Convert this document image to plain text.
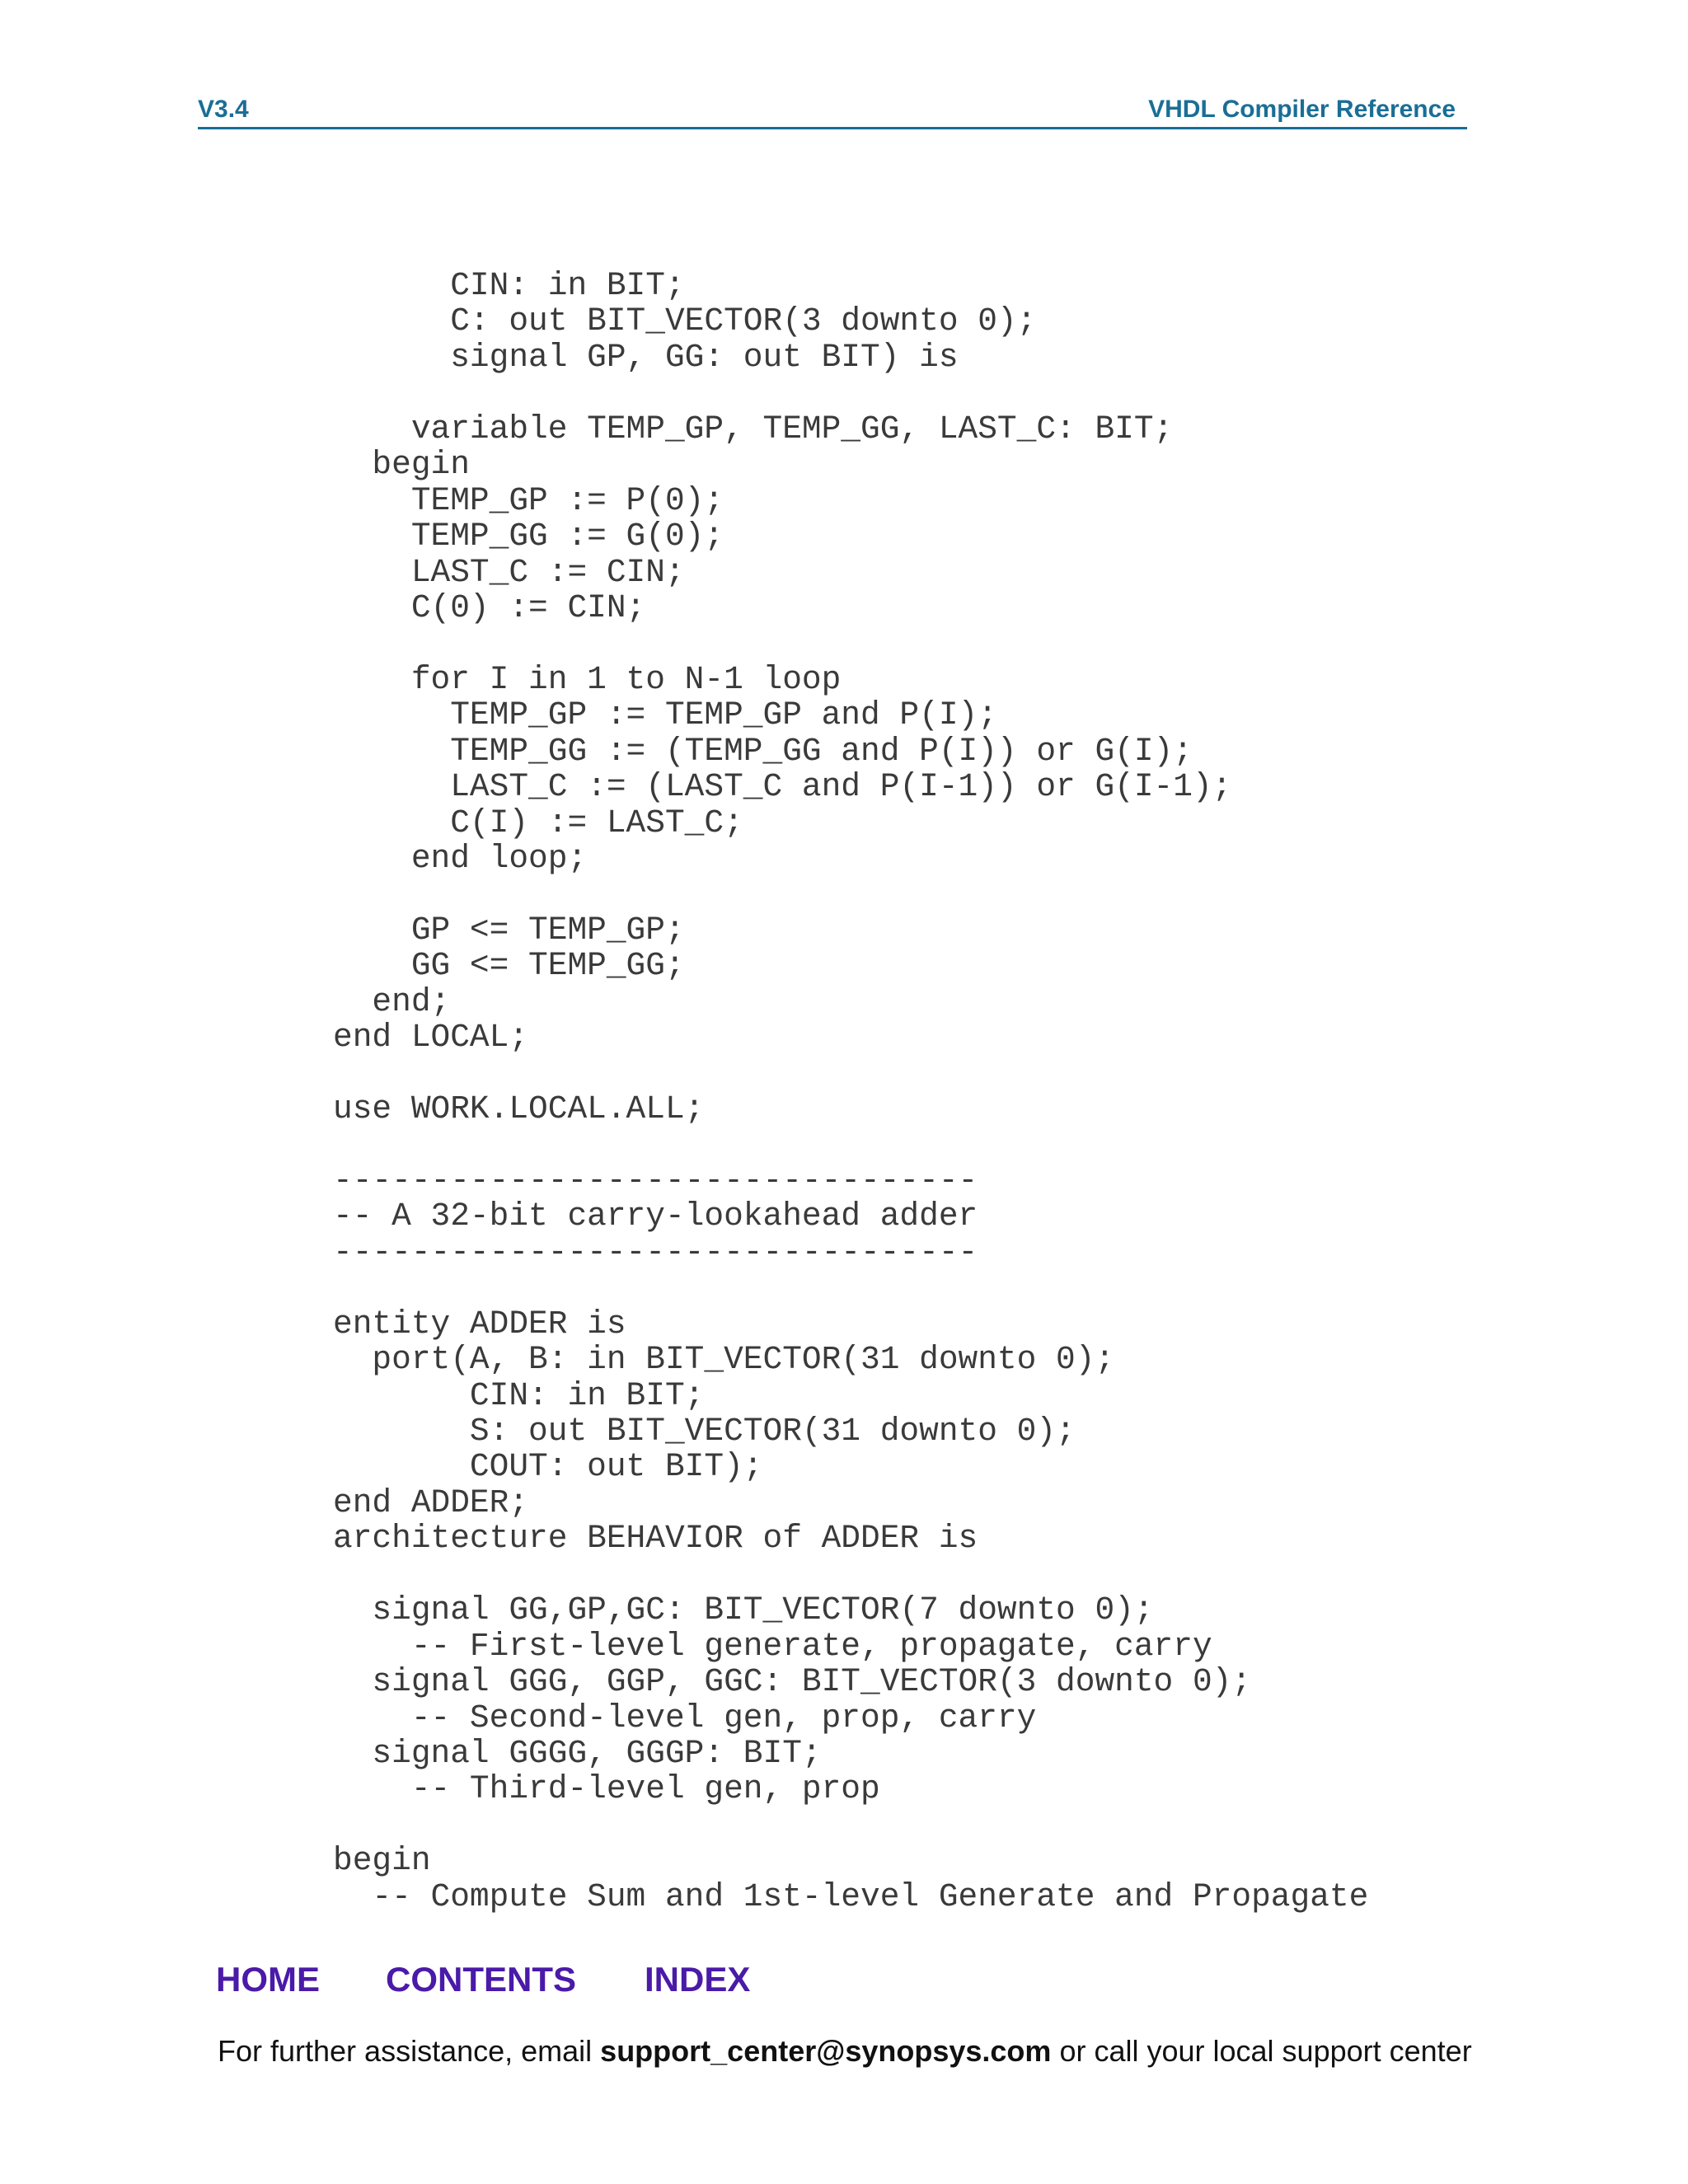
V3.4	VHDL Compiler Reference
CIN: in BIT;
C: out BIT_VECTOR(3 downto 0);
signal GP, GG: out BIT) is
variable TEMP_GP, TEMP_GG, LAST_C: BIT;
begin
TEMP_GP := P(0);
TEMP_GG := G(0);
LAST_C := CIN;
C(0) := CIN;
for I in 1 to N-1 loop
TEMP_GP := TEMP_GP and P(I);
TEMP_GG := (TEMP_GG and P(I)) or G(I);
LAST_C := (LAST_C and P(I-1)) or G(I-1);
C(I) := LAST_C;
end loop;
GP <= TEMP_GP;
GG <= TEMP_GG;
end;
end LOCAL;
use WORK.LOCAL.ALL;
---------------------------------
-- A 32-bit carry-lookahead adder
---------------------------------
entity ADDER is
port(A, B: in BIT_VECTOR(31 downto 0);
CIN: in BIT;
S: out BIT_VECTOR(31 downto 0);
COUT: out BIT);
end ADDER;
architecture BEHAVIOR of ADDER is
signal GG,GP,GC: BIT_VECTOR(7 downto 0);
-- First-level generate, propagate, carry
signal GGG, GGP, GGC: BIT_VECTOR(3 downto 0);
-- Second-level gen, prop, carry
signal GGGG, GGGP: BIT;
-- Third-level gen, prop
begin
-- Compute Sum and 1st-level Generate and Propagate
HOME CONTENTS INDEX
For further assistance, email support_center@synopsys.com or call your local support center
